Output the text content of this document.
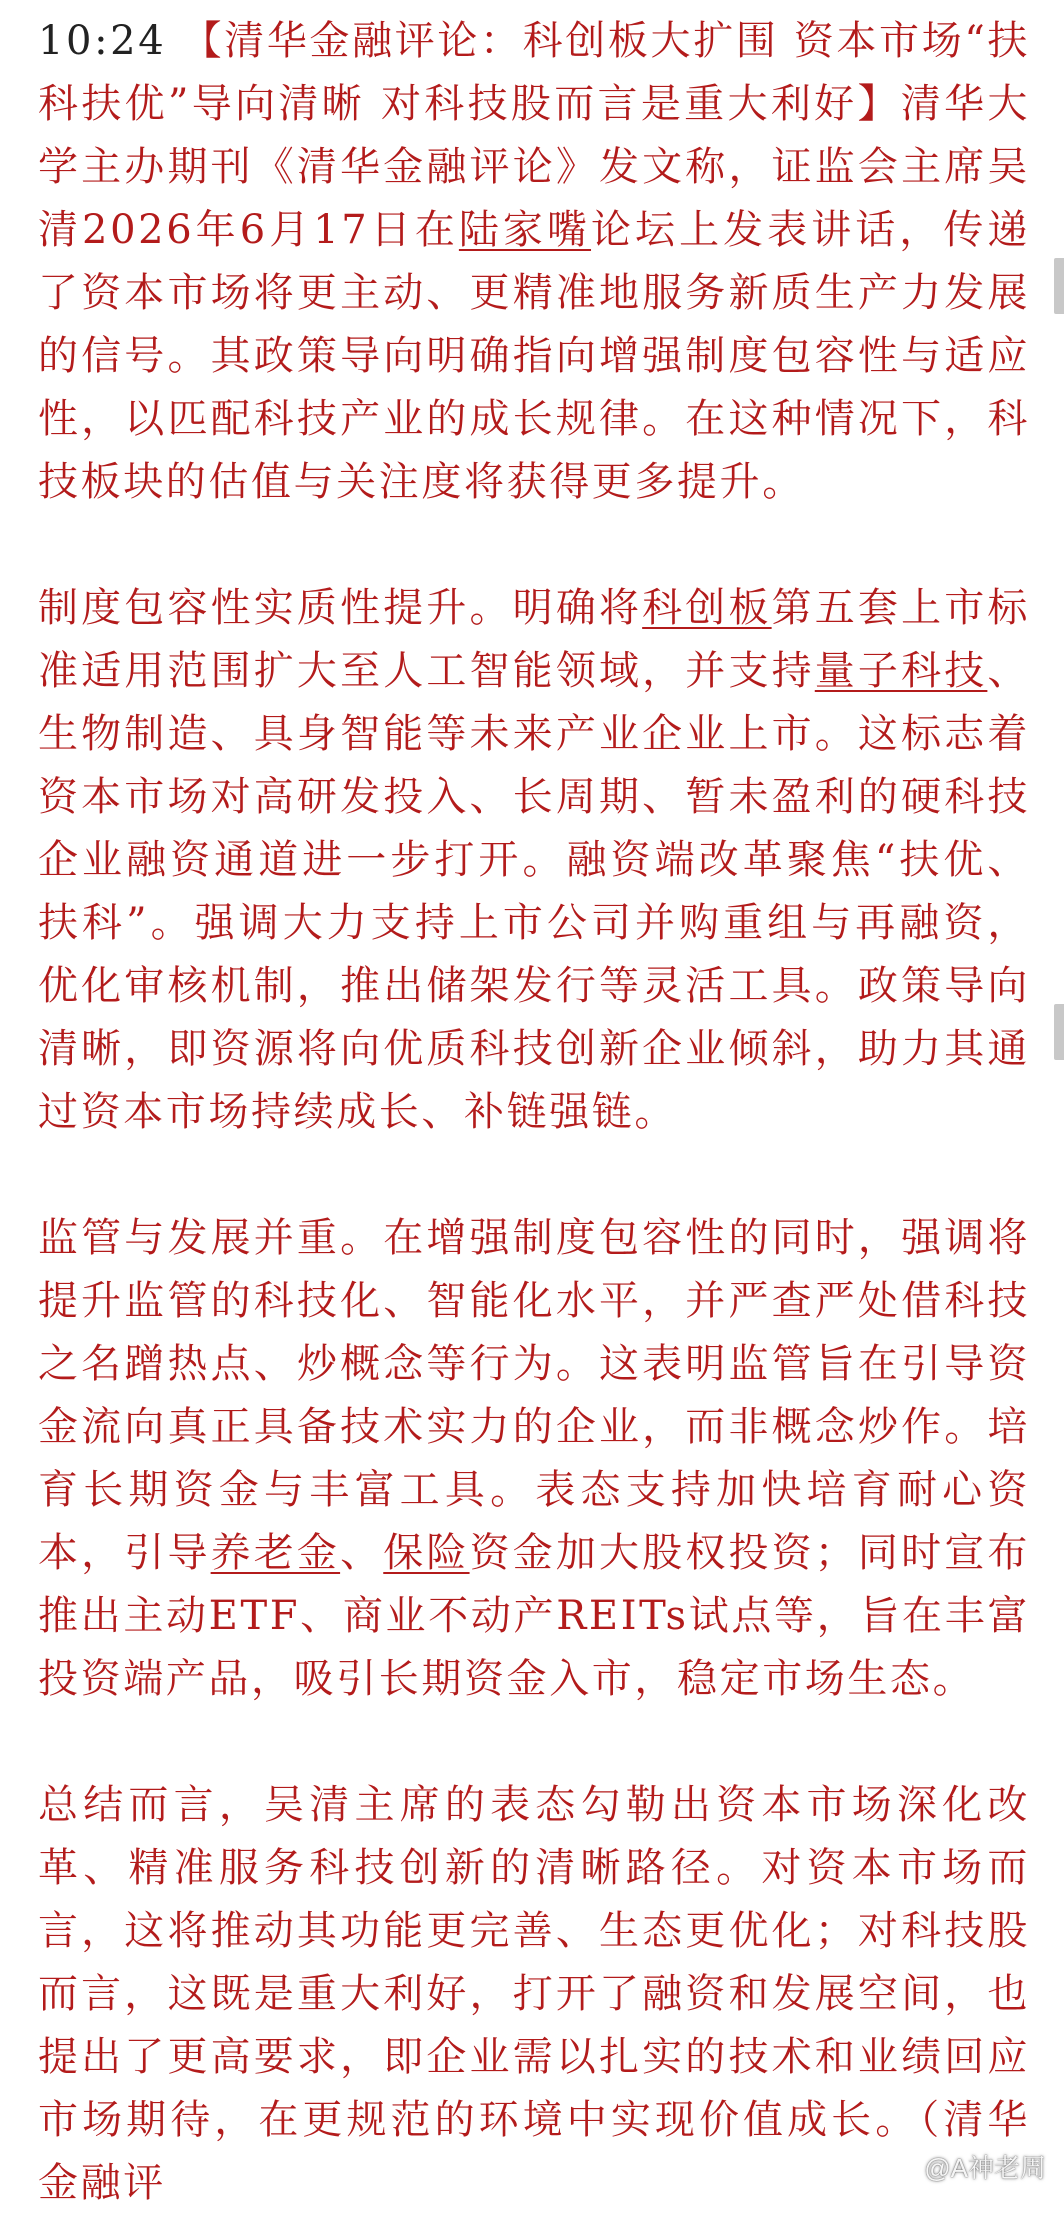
10:24 【清华金融评论：科创板大扩围 资本市场“扶科扶优”导向清晰 对科技股而言是重大利好】清华大学主办期刊《清华金融评论》发文称，证监会主席吴清2026年6月17日在陆家嘴论坛上发表讲话，传递了资本市场将更主动、更精准地服务新质生产力发展的信号。其政策导向明确指向增强制度包容性与适应性，以匹配科技产业的成长规律。在这种情况下，科技板块的估值与关注度将获得更多提升。

制度包容性实质性提升。明确将科创板第五套上市标准适用范围扩大至人工智能领域，并支持量子科技、生物制造、具身智能等未来产业企业上市。这标志着资本市场对高研发投入、长周期、暂未盈利的硬科技企业融资通道进一步打开。融资端改革聚焦“扶优、扶科”。强调大力支持上市公司并购重组与再融资，优化审核机制，推出储架发行等灵活工具。政策导向清晰，即资源将向优质科技创新企业倾斜，助力其通过资本市场持续成长、补链强链。

监管与发展并重。在增强制度包容性的同时，强调将提升监管的科技化、智能化水平，并严查严处借科技之名蹭热点、炒概念等行为。这表明监管旨在引导资金流向真正具备技术实力的企业，而非概念炒作。培育长期资金与丰富工具。表态支持加快培育耐心资本，引导养老金、保险资金加大股权投资；同时宣布推出主动ETF、商业不动产REITs试点等，旨在丰富投资端产品，吸引长期资金入市，稳定市场生态。

总结而言，吴清主席的表态勾勒出资本市场深化改革、精准服务科技创新的清晰路径。对资本市场而言，这将推动其功能更完善、生态更优化；对科技股而言，这既是重大利好，打开了融资和发展空间，也提出了更高要求，即企业需以扎实的技术和业绩回应市场期待，在更规范的环境中实现价值成长。（清华金融评	@A神老周
